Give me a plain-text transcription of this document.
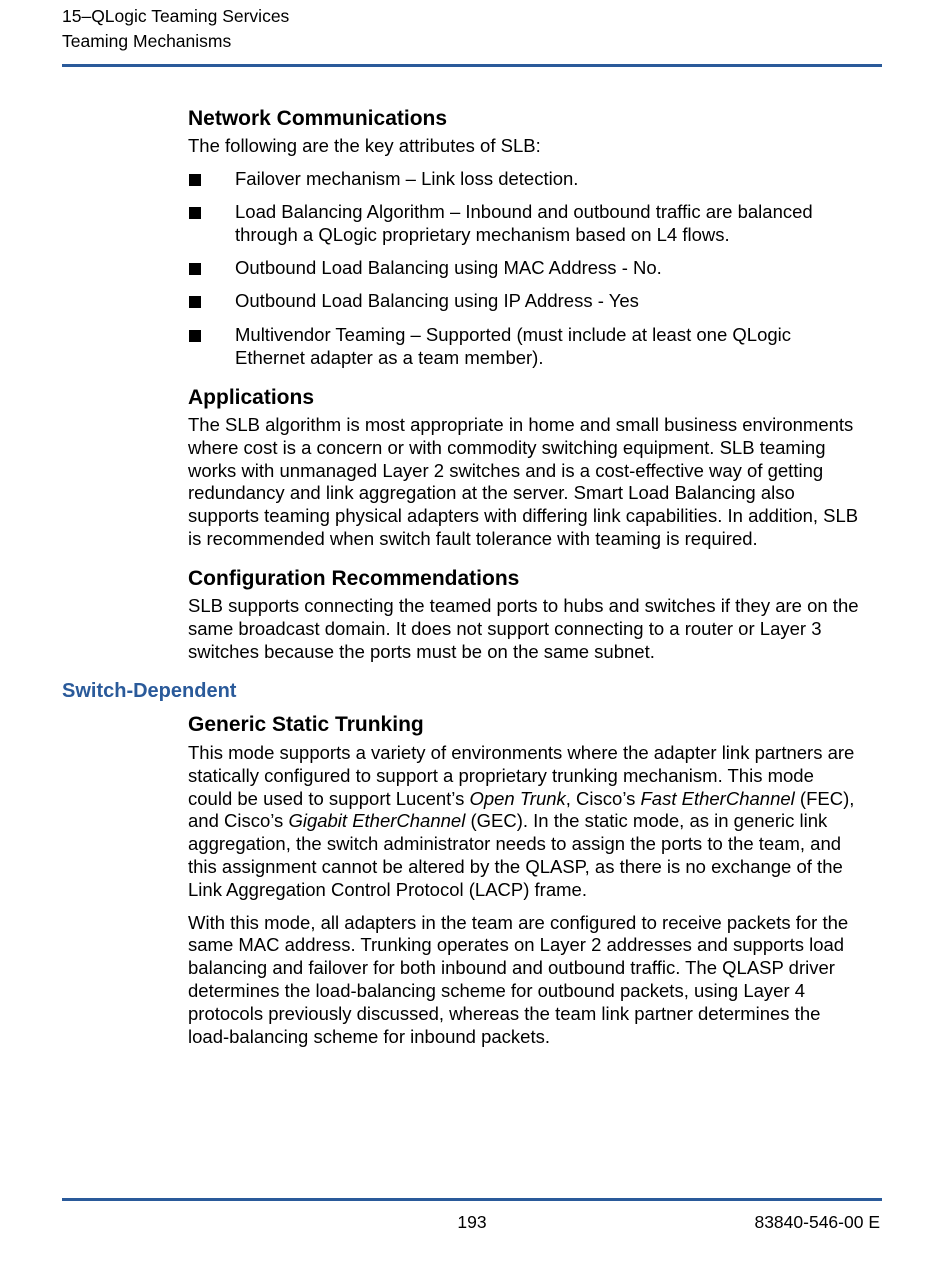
15–QLogic Teaming Services

Teaming Mechanisms

Network Communications

The following are the key attributes of SLB:

Failover mechanism – Link loss detection.
Load Balancing Algorithm – Inbound and outbound traffic are balanced
through a QLogic proprietary mechanism based on L4 flows.
Outbound Load Balancing using MAC Address - No.
Outbound Load Balancing using IP Address - Yes
Multivendor Teaming – Supported (must include at least one QLogic
Ethernet adapter as a team member).
Applications

The SLB algorithm is most appropriate in home and small business environments
where cost is a concern or with commodity switching equipment. SLB teaming
works with unmanaged Layer 2 switches and is a cost-effective way of getting
redundancy and link aggregation at the server. Smart Load Balancing also
supports teaming physical adapters with differing link capabilities. In addition, SLB
is recommended when switch fault tolerance with teaming is required.

Configuration Recommendations

SLB supports connecting the teamed ports to hubs and switches if they are on the
same broadcast domain. It does not support connecting to a router or Layer 3
switches because the ports must be on the same subnet.

Switch-Dependent
Generic Static Trunking

This mode supports a variety of environments where the adapter link partners are
statically configured to support a proprietary trunking mechanism. This mode
could be used to support Lucent’s Open Trunk, Cisco’s Fast EtherChannel (FEC),
and Cisco’s Gigabit EtherChannel (GEC). In the static mode, as in generic link
aggregation, the switch administrator needs to assign the ports to the team, and
this assignment cannot be altered by the QLASP, as there is no exchange of the
Link Aggregation Control Protocol (LACP) frame.

With this mode, all adapters in the team are configured to receive packets for the
same MAC address. Trunking operates on Layer 2 addresses and supports load
balancing and failover for both inbound and outbound traffic. The QLASP driver
determines the load-balancing scheme for outbound packets, using Layer 4
protocols previously discussed, whereas the team link partner determines the
load-balancing scheme for inbound packets.

193	83840-546-00 E
